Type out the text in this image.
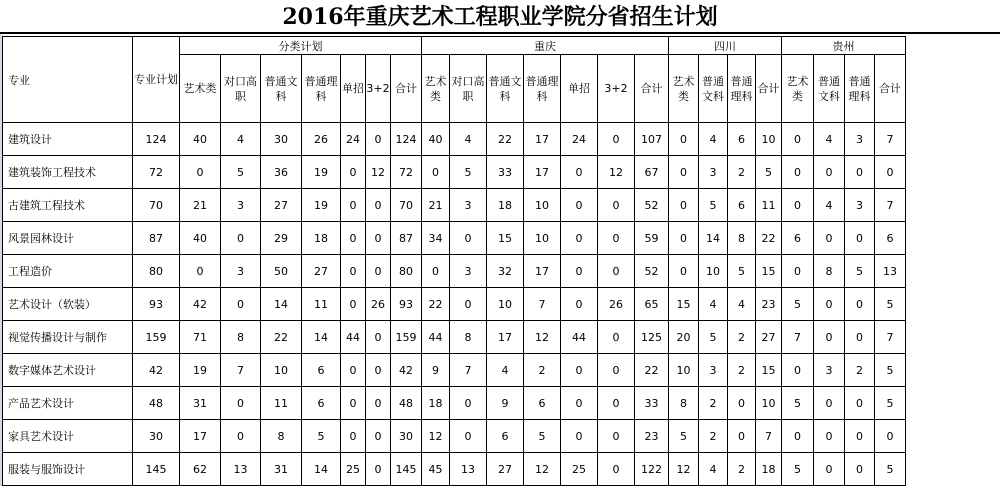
2016年重庆艺术工程职业学院分省招生计划
专业	专业计划	分类计划							重庆							四川				贵州			
		艺术类	对口高职	普通文科	普通理科	单招	3+2	合计	艺术类	对口高职	普通文科	普通理科	单招	3+2	合计	艺术类	普通文科	普通理科	合计	艺术类	普通文科	普通理科	合计
建筑设计	124	40	4	30	26	24	0	124	40	4	22	17	24	0	107	0	4	6	10	0	4	3	7
建筑装饰工程技术	72	0	5	36	19	0	12	72	0	5	33	17	0	12	67	0	3	2	5	0	0	0	0
古建筑工程技术	70	21	3	27	19	0	0	70	21	3	18	10	0	0	52	0	5	6	11	0	4	3	7
风景园林设计	87	40	0	29	18	0	0	87	34	0	15	10	0	0	59	0	14	8	22	6	0	0	6
工程造价	80	0	3	50	27	0	0	80	0	3	32	17	0	0	52	0	10	5	15	0	8	5	13
艺术设计（软装）	93	42	0	14	11	0	26	93	22	0	10	7	0	26	65	15	4	4	23	5	0	0	5
视觉传播设计与制作	159	71	8	22	14	44	0	159	44	8	17	12	44	0	125	20	5	2	27	7	0	0	7
数字媒体艺术设计	42	19	7	10	6	0	0	42	9	7	4	2	0	0	22	10	3	2	15	0	3	2	5
产品艺术设计	48	31	0	11	6	0	0	48	18	0	9	6	0	0	33	8	2	0	10	5	0	0	5
家具艺术设计	30	17	0	8	5	0	0	30	12	0	6	5	0	0	23	5	2	0	7	0	0	0	0
服装与服饰设计	145	62	13	31	14	25	0	145	45	13	27	12	25	0	122	12	4	2	18	5	0	0	5
